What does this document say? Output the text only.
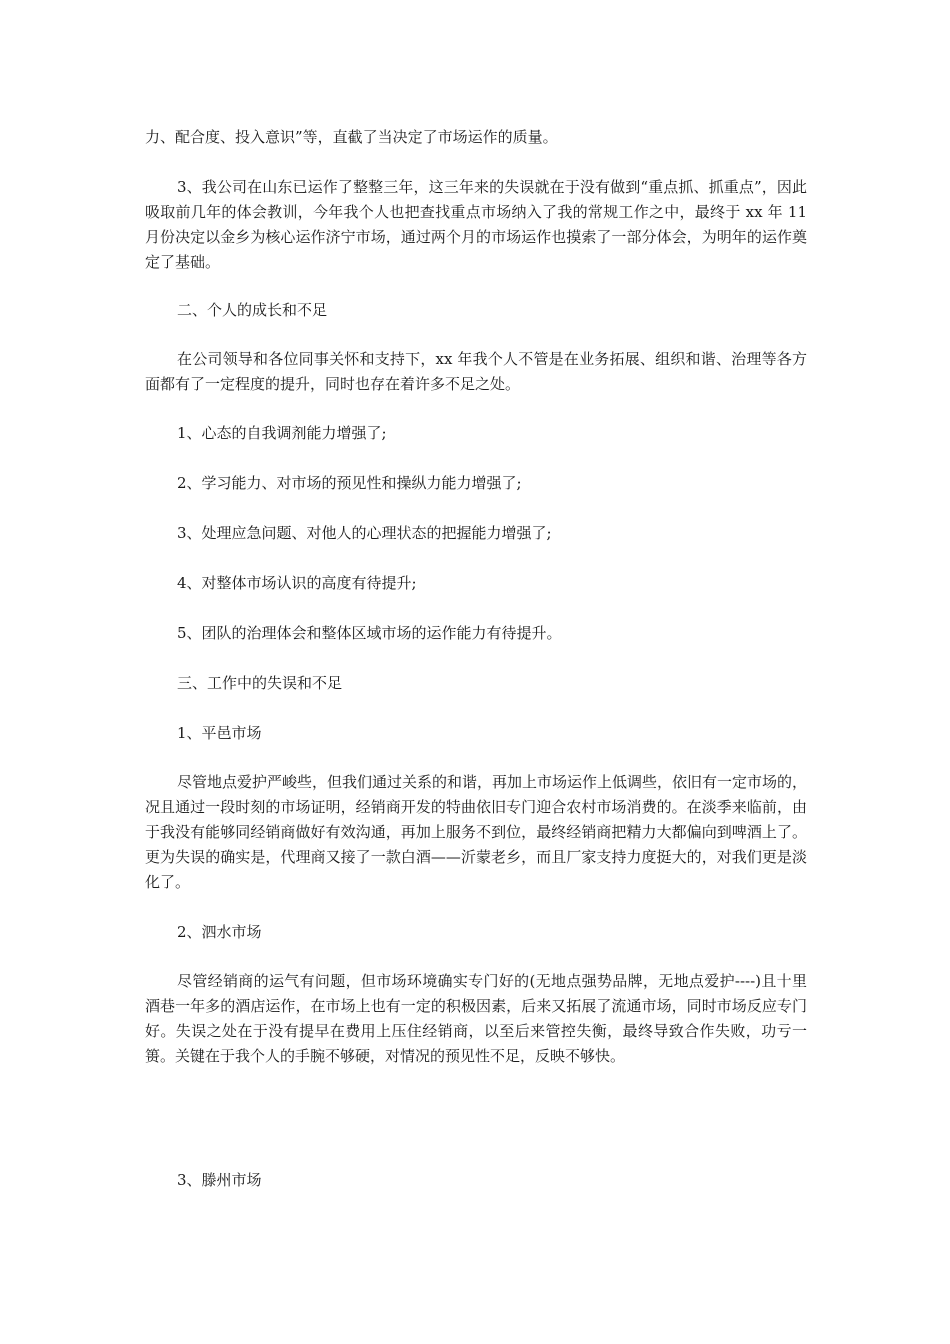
力、配合度、投入意识”等，直截了当决定了市场运作的质量。

3、我公司在山东已运作了整整三年，这三年来的失误就在于没有做到“重点抓、抓重点”，因此吸取前几年的体会教训，今年我个人也把查找重点市场纳入了我的常规工作之中，最终于 xx 年 11 月份决定以金乡为核心运作济宁市场，通过两个月的市场运作也摸索了一部分体会，为明年的运作奠定了基础。

二、个人的成长和不足

在公司领导和各位同事关怀和支持下，xx 年我个人不管是在业务拓展、组织和谐、治理等各方面都有了一定程度的提升，同时也存在着许多不足之处。

1、心态的自我调剂能力增强了;

2、学习能力、对市场的预见性和操纵力能力增强了;

3、处理应急问题、对他人的心理状态的把握能力增强了;

4、对整体市场认识的高度有待提升;

5、团队的治理体会和整体区域市场的运作能力有待提升。

三、工作中的失误和不足

1、平邑市场

尽管地点爱护严峻些，但我们通过关系的和谐，再加上市场运作上低调些，依旧有一定市场的，况且通过一段时刻的市场证明，经销商开发的特曲依旧专门迎合农村市场消费的。在淡季来临前，由于我没有能够同经销商做好有效沟通，再加上服务不到位，最终经销商把精力大都偏向到啤酒上了。更为失误的确实是，代理商又接了一款白酒——沂蒙老乡，而且厂家支持力度挺大的，对我们更是淡化了。

2、泗水市场

尽管经销商的运气有问题，但市场环境确实专门好的(无地点强势品牌，无地点爱护----)且十里酒巷一年多的酒店运作，在市场上也有一定的积极因素，后来又拓展了流通市场，同时市场反应专门好。失误之处在于没有提早在费用上压住经销商，以至后来管控失衡，最终导致合作失败，功亏一篑。关键在于我个人的手腕不够硬，对情况的预见性不足，反映不够快。

3、滕州市场
